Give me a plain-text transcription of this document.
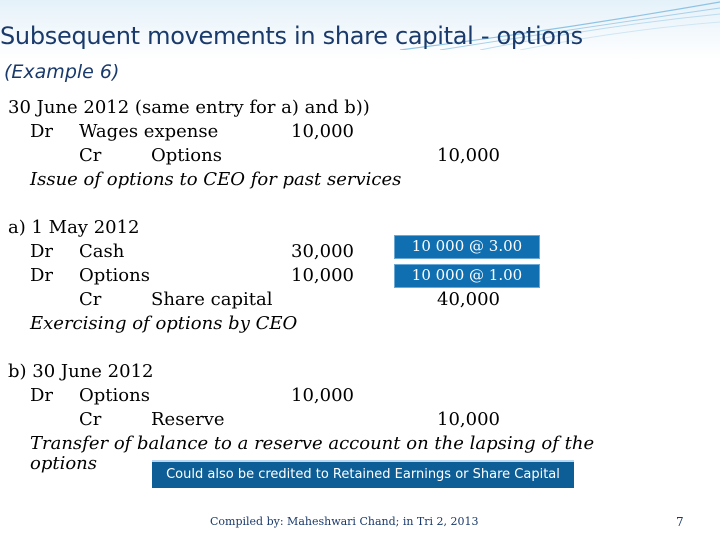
Subsequent movements in share capital - options
(Example 6)
30 June 2012 (same entry for a) and b))
Dr Wages expense	10,000
Cr	Options	10,000
Issue of options to CEO for past services
a) 1 May 2012
Dr Cash	30,000
Dr Options	10,000
Cr	Share capital	40,000
Exercising of options by CEO
10 000 @ 3.00
10 000 @ 1.00
b) 30 June 2012
Dr Options	10,000
Cr	Reserve	10,000
Transfer of balance to a reserve account on the lapsing of the
options
Could also be credited to Retained Earnings or Share Capital
Compiled by: Maheshwari Chand; in Tri 2, 2013	7
